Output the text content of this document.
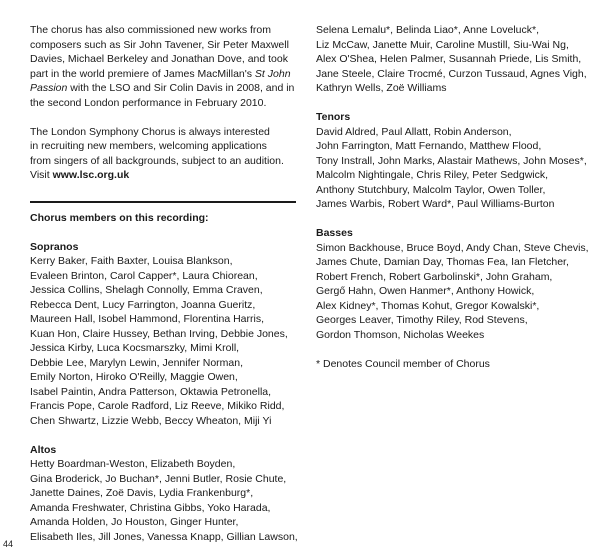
The chorus has also commissioned new works from
composers such as Sir John Tavener, Sir Peter Maxwell
Davies, Michael Berkeley and Jonathan Dove, and took
part in the world premiere of James MacMillan's St John
Passion with the LSO and Sir Colin Davis in 2008, and in
the second London performance in February 2010.
The London Symphony Chorus is always interested
in recruiting new members, welcoming applications
from singers of all backgrounds, subject to an audition.
Visit www.lsc.org.uk
Chorus members on this recording:
Sopranos
Kerry Baker, Faith Baxter, Louisa Blankson,
Evaleen Brinton, Carol Capper*, Laura Chiorean,
Jessica Collins, Shelagh Connolly, Emma Craven,
Rebecca Dent, Lucy Farrington, Joanna Gueritz,
Maureen Hall, Isobel Hammond, Florentina Harris,
Kuan Hon, Claire Hussey, Bethan Irving, Debbie Jones,
Jessica Kirby, Luca Kocsmarszky, Mimi Kroll,
Debbie Lee, Marylyn Lewin, Jennifer Norman,
Emily Norton, Hiroko O'Reilly, Maggie Owen,
Isabel Paintin, Andra Patterson, Oktawia Petronella,
Francis Pope, Carole Radford, Liz Reeve, Mikiko Ridd,
Chen Shwartz, Lizzie Webb, Beccy Wheaton, Miji Yi
Altos
Hetty Boardman-Weston, Elizabeth Boyden,
Gina Broderick, Jo Buchan*, Jenni Butler, Rosie Chute,
Janette Daines, Zoë Davis, Lydia Frankenburg*,
Amanda Freshwater, Christina Gibbs, Yoko Harada,
Amanda Holden, Jo Houston, Ginger Hunter,
Elisabeth Iles, Jill Jones, Vanessa Knapp, Gillian Lawson,
Selena Lemalu*, Belinda Liao*, Anne Loveluck*,
Liz McCaw, Janette Muir, Caroline Mustill, Siu-Wai Ng,
Alex O'Shea, Helen Palmer, Susannah Priede, Lis Smith,
Jane Steele, Claire Trocmé, Curzon Tussaud, Agnes Vigh,
Kathryn Wells, Zoë Williams
Tenors
David Aldred, Paul Allatt, Robin Anderson,
John Farrington, Matt Fernando, Matthew Flood,
Tony Instrall, John Marks, Alastair Mathews, John Moses*,
Malcolm Nightingale, Chris Riley, Peter Sedgwick,
Anthony Stutchbury, Malcolm Taylor, Owen Toller,
James Warbis, Robert Ward*, Paul Williams-Burton
Basses
Simon Backhouse, Bruce Boyd, Andy Chan, Steve Chevis,
James Chute, Damian Day, Thomas Fea, Ian Fletcher,
Robert French, Robert Garbolinski*, John Graham,
Gergő Hahn, Owen Hanmer*, Anthony Howick,
Alex Kidney*, Thomas Kohut, Gregor Kowalski*,
Georges Leaver, Timothy Riley, Rod Stevens,
Gordon Thomson, Nicholas Weekes
* Denotes Council member of Chorus
44
